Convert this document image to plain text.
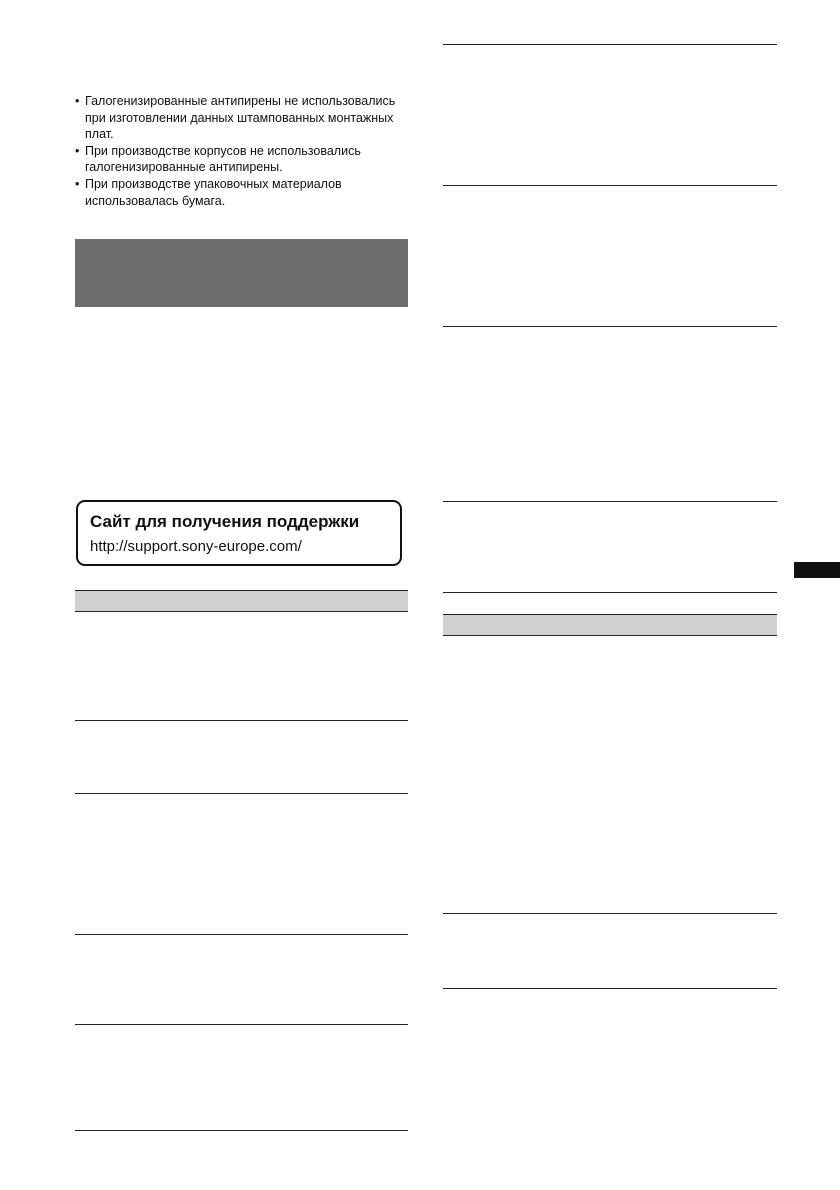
• Галогенизированные антипирены не использовались при изготовлении данных штампованных монтажных плат.
• При производстве корпусов не использовались галогенизированные антипирены.
• При производстве упаковочных материалов использовалась бумага.
Сайт для получения поддержки
http://support.sony-europe.com/
